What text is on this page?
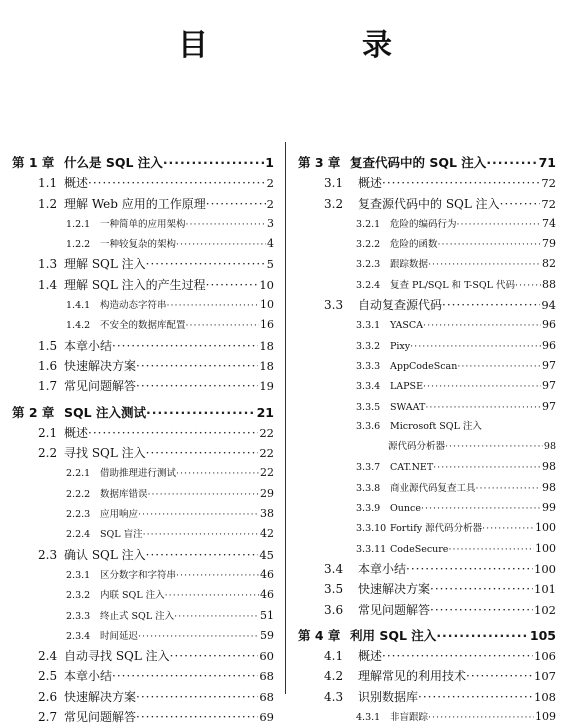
目　录
第 1 章 什么是 SQL 注入 ·····	1
1.1 概述 ·····	2
1.2 理解 Web 应用的工作原理 ·····	2
1.2.1	一种简单的应用架构 ·····	3
1.2.2	一种较复杂的架构 ·····	4
1.3 理解 SQL 注入 ·····	5
1.4 理解 SQL 注入的产生过程 ·····	10
1.4.1	构造动态字符串 ·····	10
1.4.2	不安全的数据库配置 ·····	16
1.5 本章小结 ·····	18
1.6 快速解决方案 ·····	18
1.7 常见问题解答 ·····	19
第 2 章 SQL 注入测试 ·····	21
2.1 概述 ·····	22
2.2 寻找 SQL 注入 ·····	22
2.2.1	借助推理进行测试 ·····	22
2.2.2	数据库错误 ·····	29
2.2.3	应用响应 ·····	38
2.2.4	SQL 盲注 ·····	42
2.3 确认 SQL 注入 ·····	45
2.3.1	区分数字和字符串 ·····	46
2.3.2	内联 SQL 注入 ·····	46
2.3.3	终止式 SQL 注入 ·····	51
2.3.4	时间延迟 ·····	59
2.4 自动寻找 SQL 注入 ·····	60
2.5 本章小结 ·····	68
2.6 快速解决方案 ·····	68
2.7 常见问题解答 ·····	69
第 3 章 复查代码中的 SQL 注入 ·····	71
3.1	概述 ·····	72
3.2	复查源代码中的 SQL 注入 ·····	72
3.2.1	危险的编码行为 ·····	74
3.2.2	危险的函数 ·····	79
3.2.3	跟踪数据 ·····	82
3.2.4	复查 PL/SQL 和 T-SQL 代码 ····· 88
3.3	自动复查源代码 ·····	94
3.3.1	YASCA ·····	96
3.3.2	Pixy ·····	96
3.3.3	AppCodeScan ·····	97
3.3.4	LAPSE ·····	97
3.3.5	SWAAT ·····	97
3.3.6	Microsoft SQL 注入
源代码分析器 ·····	98
3.3.7	CAT.NET ·····	98
3.3.8	商业源代码复查工具 ·····	98
3.3.9	Ounce ·····	99
3.3.10 Fortify 源代码分析器 ·····	100
3.3.11 CodeSecure ·····	100
3.4	本章小结 ·····	100
3.5	快速解决方案 ·····	101
3.6	常见问题解答 ·····	102
第 4 章 利用 SQL 注入 ·····	105
4.1	概述 ·····	106
4.2	理解常见的利用技术 ·····	107
4.3	识别数据库 ·····	108
4.3.1	非盲跟踪 ·····	109
